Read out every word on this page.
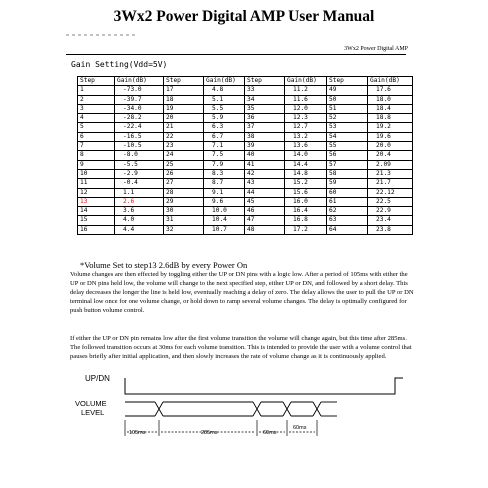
3Wx2 Power Digital AMP User Manual
3Wx2 Power Digital AMP
Gain Setting(Vdd=5V)
Step	Gain(dB)	Step	Gain(dB)	Step	Gain(dB)	Step	Gain(dB)
1	-73.0	17	4.8	33	11.2	49	17.6
2	-39.7	18	5.1	34	11.6	50	18.0
3	-34.0	19	5.5	35	12.0	51	18.4
4	-28.2	20	5.9	36	12.3	52	18.8
5	-22.4	21	6.3	37	12.7	53	19.2
6	-16.5	22	6.7	38	13.2	54	19.6
7	-10.5	23	7.1	39	13.6	55	20.0
8	-8.0	24	7.5	40	14.0	56	20.4
9	-5.5	25	7.9	41	14.4	57	2.09
10	-2.9	26	8.3	42	14.8	58	21.3
11	-0.4	27	8.7	43	15.2	59	21.7
12	1.1	28	9.1	44	15.6	60	22.12
13	2.6	29	9.6	45	16.0	61	22.5
14	3.6	30	10.0	46	16.4	62	22.9
15	4.0	31	10.4	47	16.8	63	23.4
16	4.4	32	10.7	48	17.2	64	23.8
*Volume Set to step13 2.6dB by every Power On
Volume changes are then effected by toggling either the UP or DN pins with a logic low. After a period of 105ms with either the UP or DN pins held low, the volume will change to the next specified step, either UP or DN, and followed by a short delay. This delay decreases the longer the line is held low, eventually reaching a delay of zero. The delay allows the user to pull the UP or DN terminal low once for one volume change, or hold down to ramp several volume changes. The delay is optimally configured for push button volume control.
If either the UP or DN pin remains low after the first volume transition the volume will change again, but this time after 285ms. The followed transition occurs at 30ms for each volume transition. This is intended to provide the user with a volume control that pauses briefly after initial application, and then slowly increases the rate of volume change as it is continuously applied.
UP/DN
VOLUME
LEVEL
105ms	285ms	60ms
60ms
